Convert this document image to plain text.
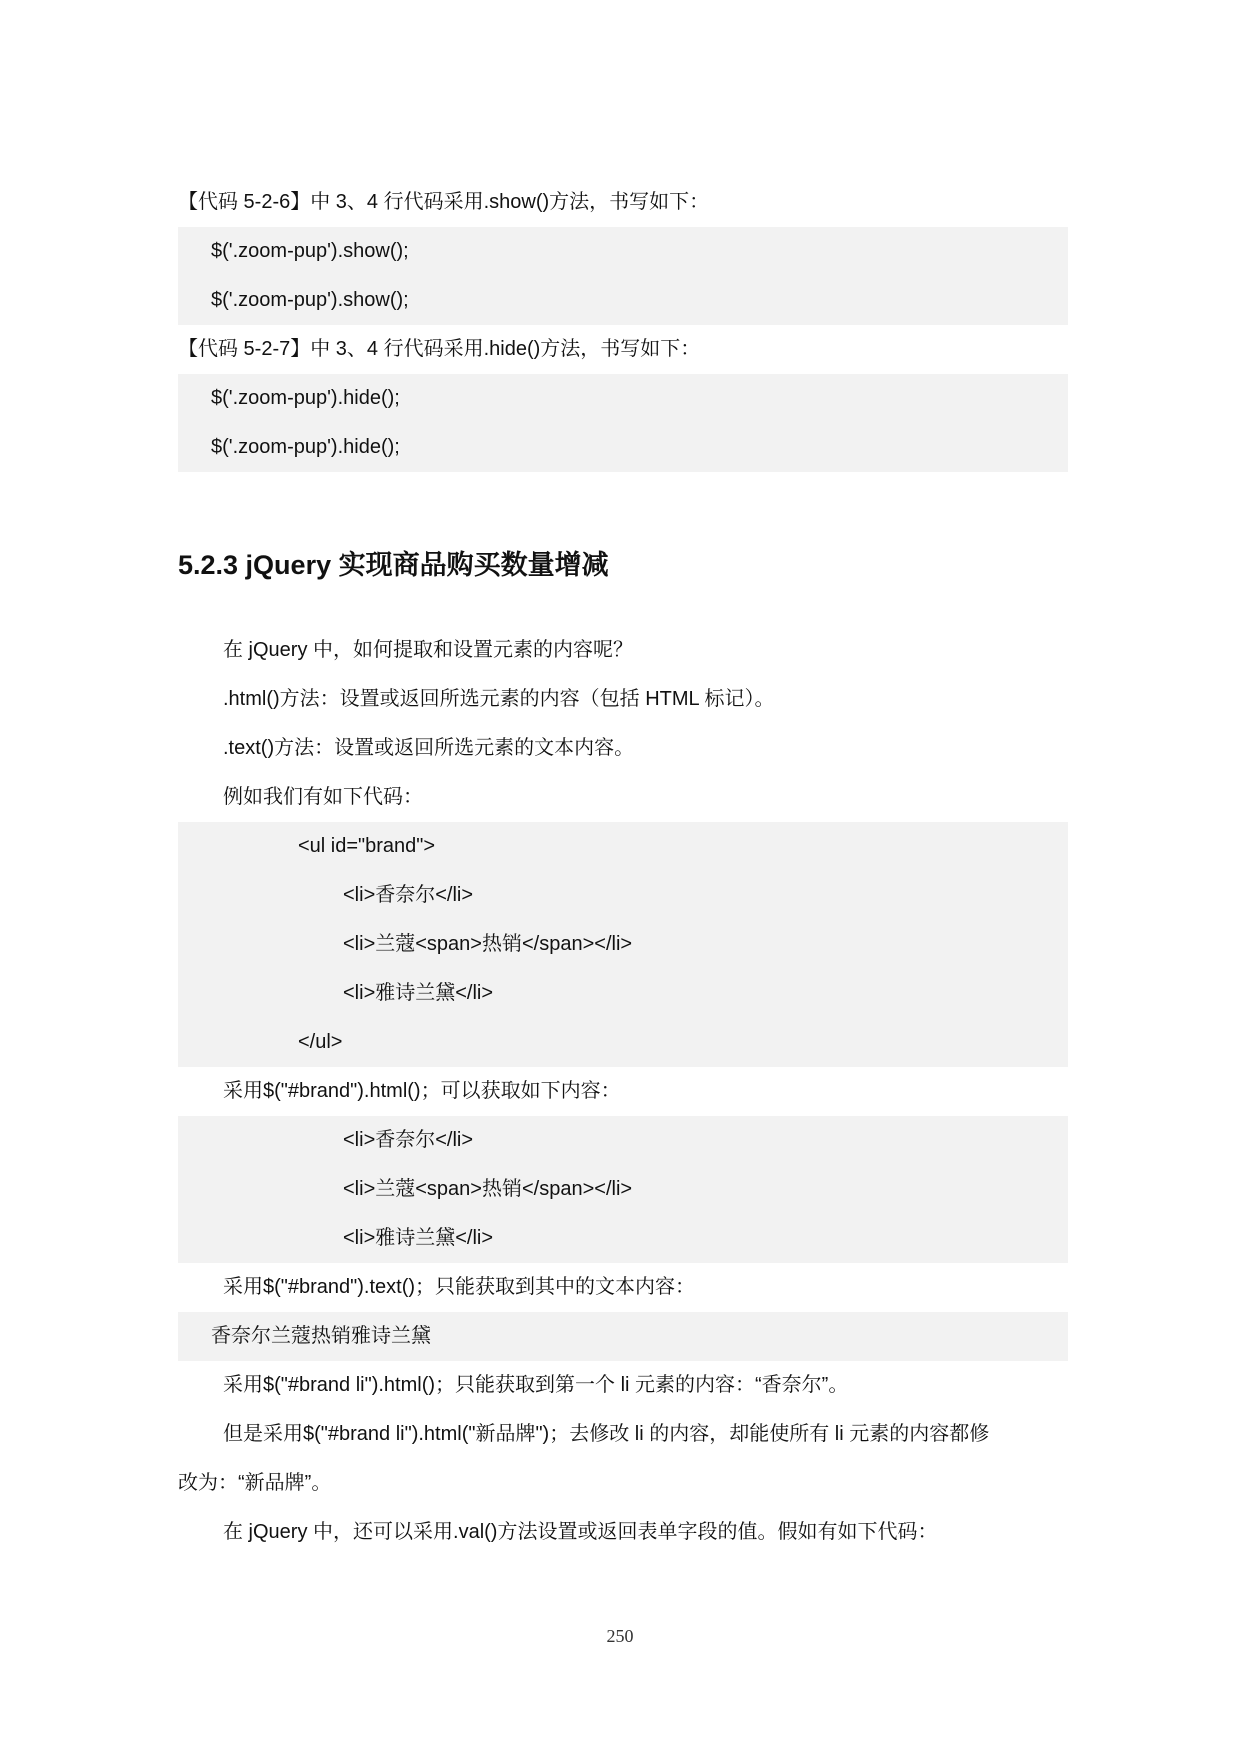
【代码 5-2-6】中 3、4 行代码采用.show()方法，书写如下：
$('.zoom-pup').show();
$('.zoom-pup').show();
【代码 5-2-7】中 3、4 行代码采用.hide()方法，书写如下：
$('.zoom-pup').hide();
$('.zoom-pup').hide();
5.2.3 jQuery 实现商品购买数量增减
在 jQuery 中，如何提取和设置元素的内容呢？
.html()方法：设置或返回所选元素的内容（包括 HTML 标记）。
.text()方法：设置或返回所选元素的文本内容。
例如我们有如下代码：
<ul id="brand">
<li>香奈尔</li>
<li>兰蔻<span>热销</span></li>
<li>雅诗兰黛</li>
</ul>
采用$("#brand").html()；可以获取如下内容：
<li>香奈尔</li>
<li>兰蔻<span>热销</span></li>
<li>雅诗兰黛</li>
采用$("#brand").text()；只能获取到其中的文本内容：
香奈尔兰蔻热销雅诗兰黛
采用$("#brand li").html()；只能获取到第一个 li 元素的内容：“香奈尔”。
但是采用$("#brand li").html("新品牌")；去修改 li 的内容，却能使所有 li 元素的内容都修
改为：“新品牌”。
在 jQuery 中，还可以采用.val()方法设置或返回表单字段的值。假如有如下代码：
250
